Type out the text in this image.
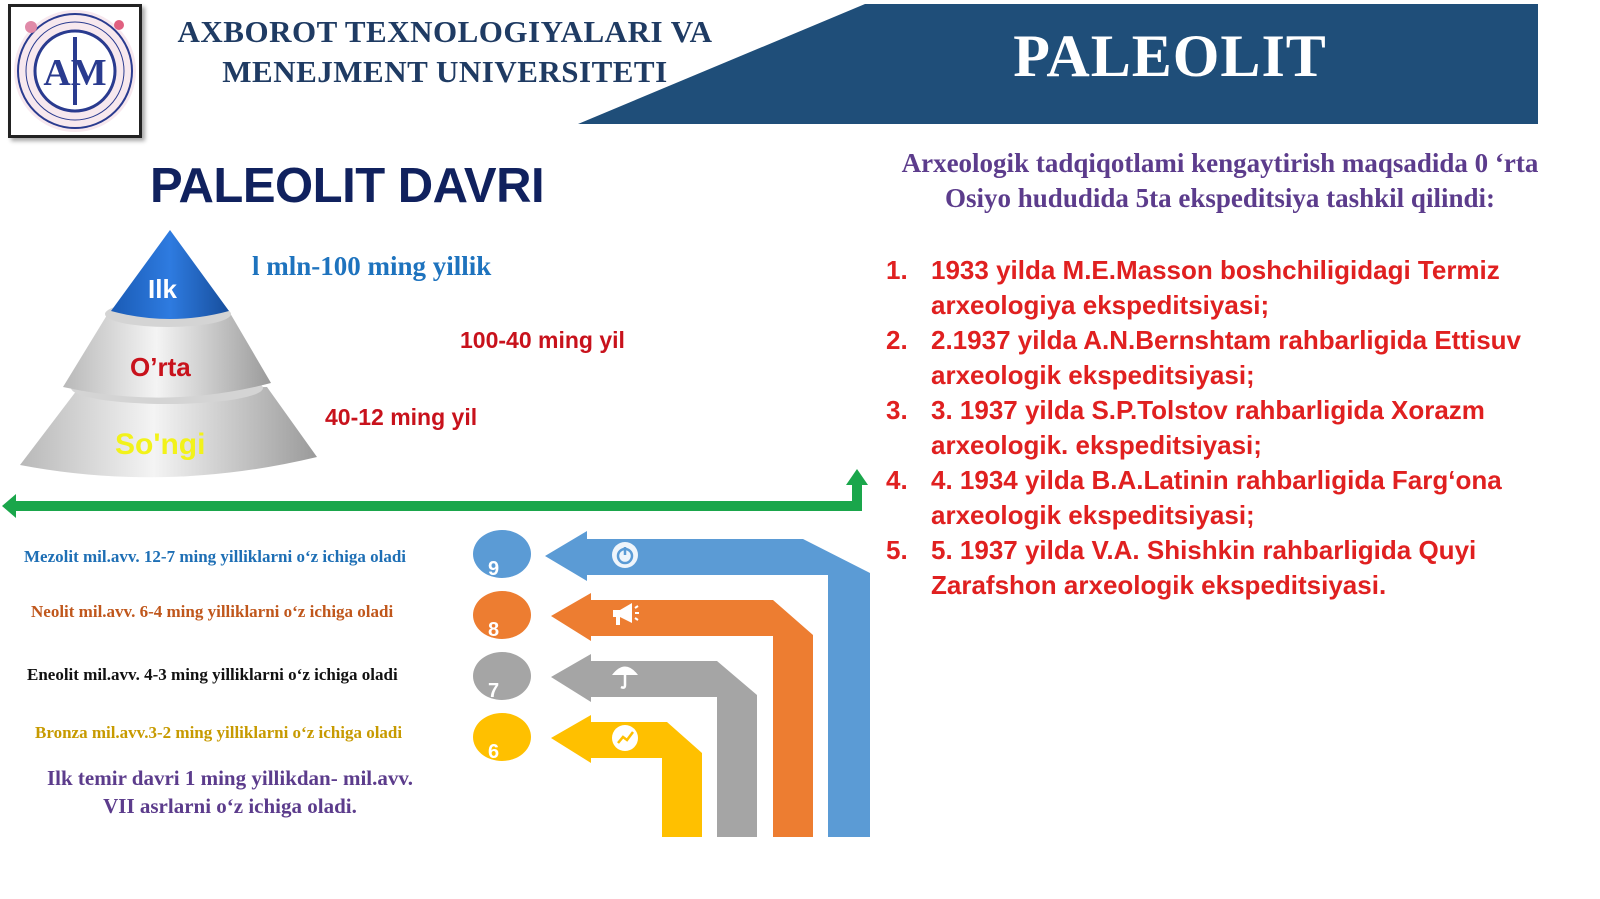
AM
AXBOROT TEXNOLOGIYALARI VA
MENEJMENT UNIVERSITETI	PALEOLIT
PALEOLIT DAVRI
Ilk
O’rta
So'ngi
l mln-100 ming yillik
100-40 ming yil
40-12 ming yil
9
8
7
6
Mezolit mil.avv. 12-7 ming yilliklarni o‘z ichiga oladi
Neolit mil.avv. 6-4 ming yilliklarni o‘z ichiga oladi
Eneolit mil.avv. 4-3 ming yilliklarni o‘z ichiga oladi
Bronza mil.avv.3-2 ming yilliklarni o‘z ichiga oladi
Ilk temir davri 1 ming yillikdan- mil.avv.
VII asrlarni o‘z ichiga oladi.
Arxeologik tadqiqotlami kengaytirish maqsadida 0 ‘rta Osiyo hududida 5ta ekspeditsiya tashkil qilindi:
1. 1933 yilda M.E.Masson boshchiligidagi Termiz arxeologiya ekspeditsiyasi;
2. 2.1937 yilda A.N.Bernshtam rahbarligida Ettisuv arxeologik ekspeditsiyasi;
3. 3. 1937 yilda S.P.Tolstov rahbarligida Xorazm arxeologik. ekspeditsiyasi;
4. 4. 1934 yilda B.A.Latinin rahbarligida Farg‘ona arxeologik ekspeditsiyasi;
5. 5. 1937 yilda V.A. Shishkin rahbarligida Quyi Zarafshon arxeologik ekspeditsiyasi.
